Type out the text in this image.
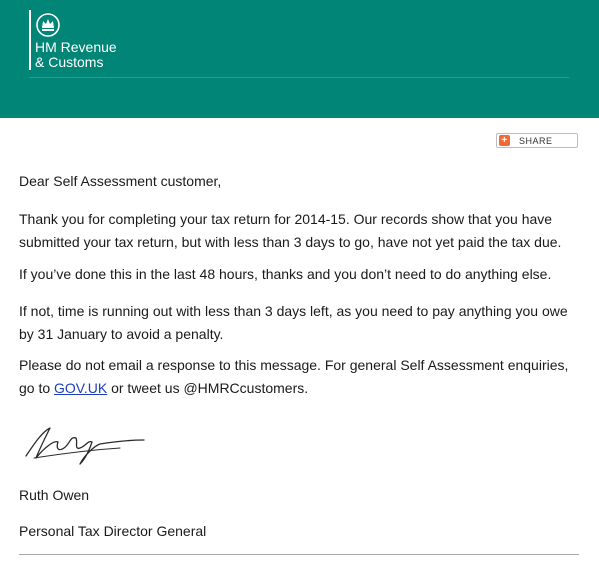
HM Revenue
& Customs
+ SHARE

Dear Self Assessment customer,

Thank you for completing your tax return for 2014-15. Our records show that you have submitted your tax return, but with less than 3 days to go, have not yet paid the tax due.

If you’ve done this in the last 48 hours, thanks and you don’t need to do anything else.

If not, time is running out with less than 3 days left, as you need to pay anything you owe by 31 January to avoid a penalty.

Please do not email a response to this message. For general Self Assessment enquiries, go to GOV.UK or tweet us @HMRCcustomers.

Ruth Owen
Personal Tax Director General
